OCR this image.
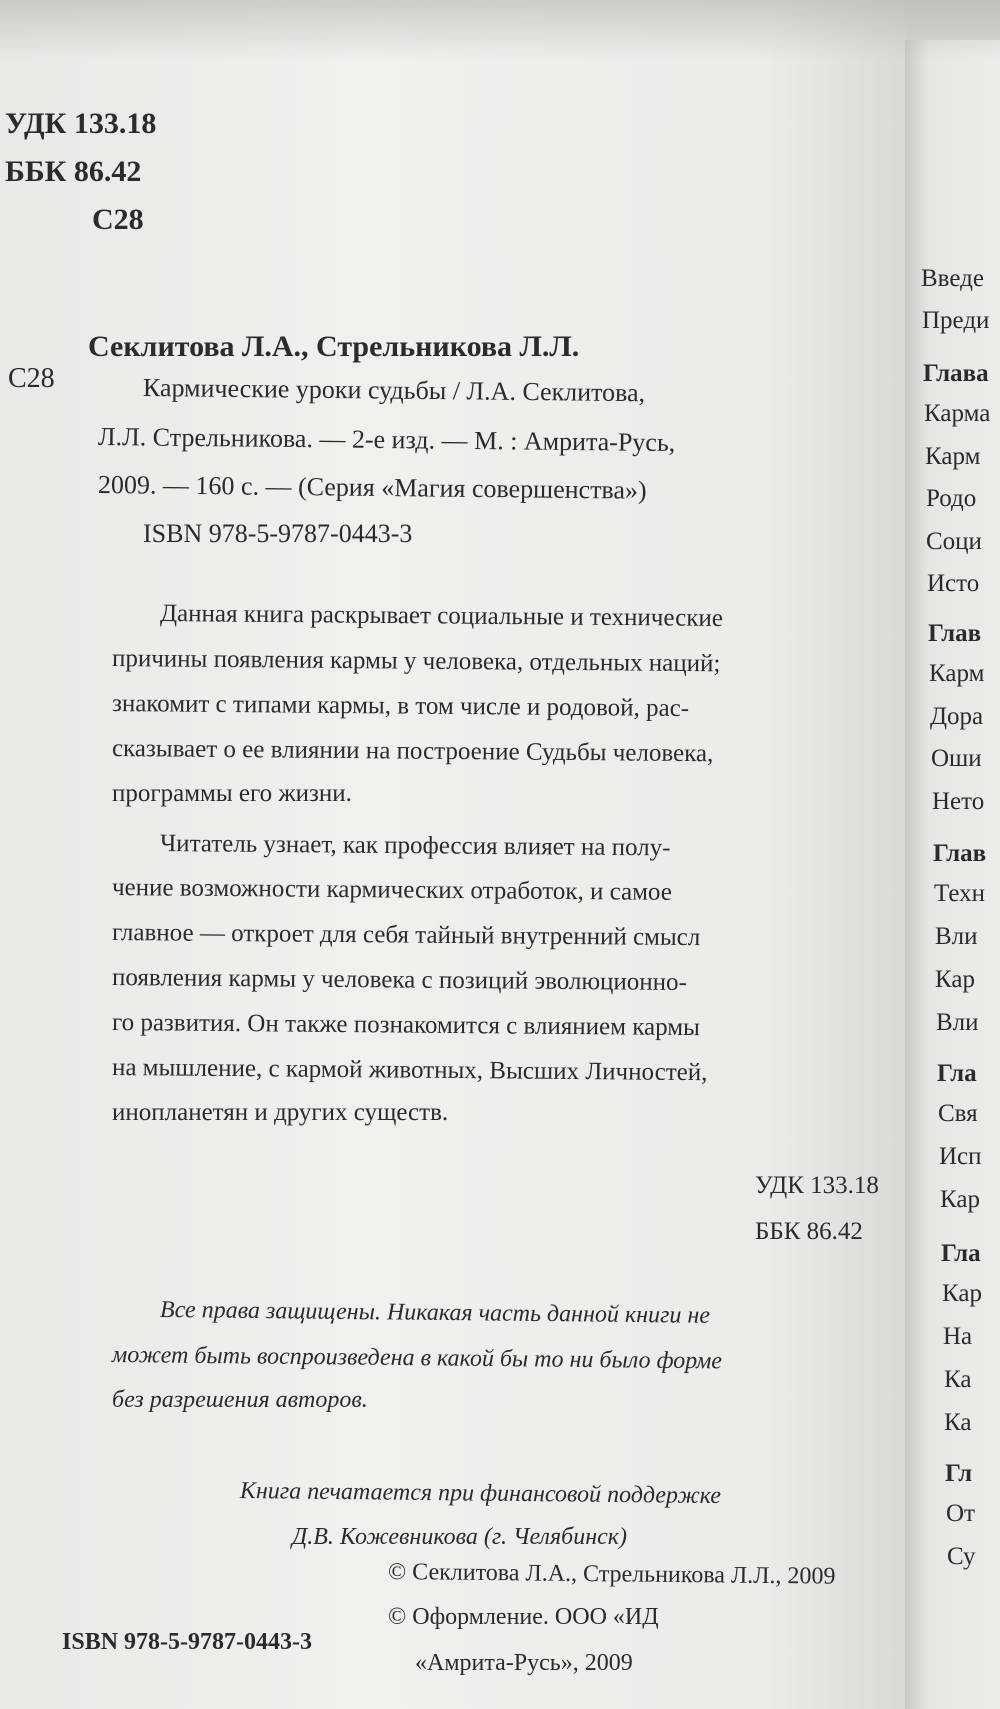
УДК 133.18
ББК 86.42
С28
Секлитова Л.А., Стрельникова Л.Л.
С28	Кармические уроки судьбы / Л.А. Секлитова,
Л.Л. Стрельникова. — 2-е изд. — М. : Амрита-Русь,
2009. — 160 с. — (Серия «Магия совершенства»)
ISBN 978-5-9787-0443-3
Данная книга раскрывает социальные и технические
причины появления кармы у человека, отдельных наций;
знакомит с типами кармы, в том числе и родовой, рас-
сказывает о ее влиянии на построение Судьбы человека,
программы его жизни.
Читатель узнает, как профессия влияет на полу-
чение возможности кармических отработок, и самое
главное — откроет для себя тайный внутренний смысл
появления кармы у человека с позиций эволюционно-
го развития. Он также познакомится с влиянием кармы
на мышление, с кармой животных, Высших Личностей,
инопланетян и других существ.
УДК 133.18
ББК 86.42
Все права защищены. Никакая часть данной книги не
может быть воспроизведена в какой бы то ни было форме
без разрешения авторов.
Книга печатается при финансовой поддержке
Д.В. Кожевникова (г. Челябинск)
ISBN 978-5-9787-0443-3
© Секлитова Л.А., Стрельникова Л.Л., 2009
© Оформление. ООО «ИД
«Амрита-Русь», 2009
Введе
Преди
Глава
Карма
Карм
Родо
Соци
Исто
Глав
Карм
Дора
Оши
Нето
Глав
Техн
Вли
Кар
Вли
Гла
Свя
Исп
Кар
Гла
Кар
На
Ка
Ка
Гл
От
Су
